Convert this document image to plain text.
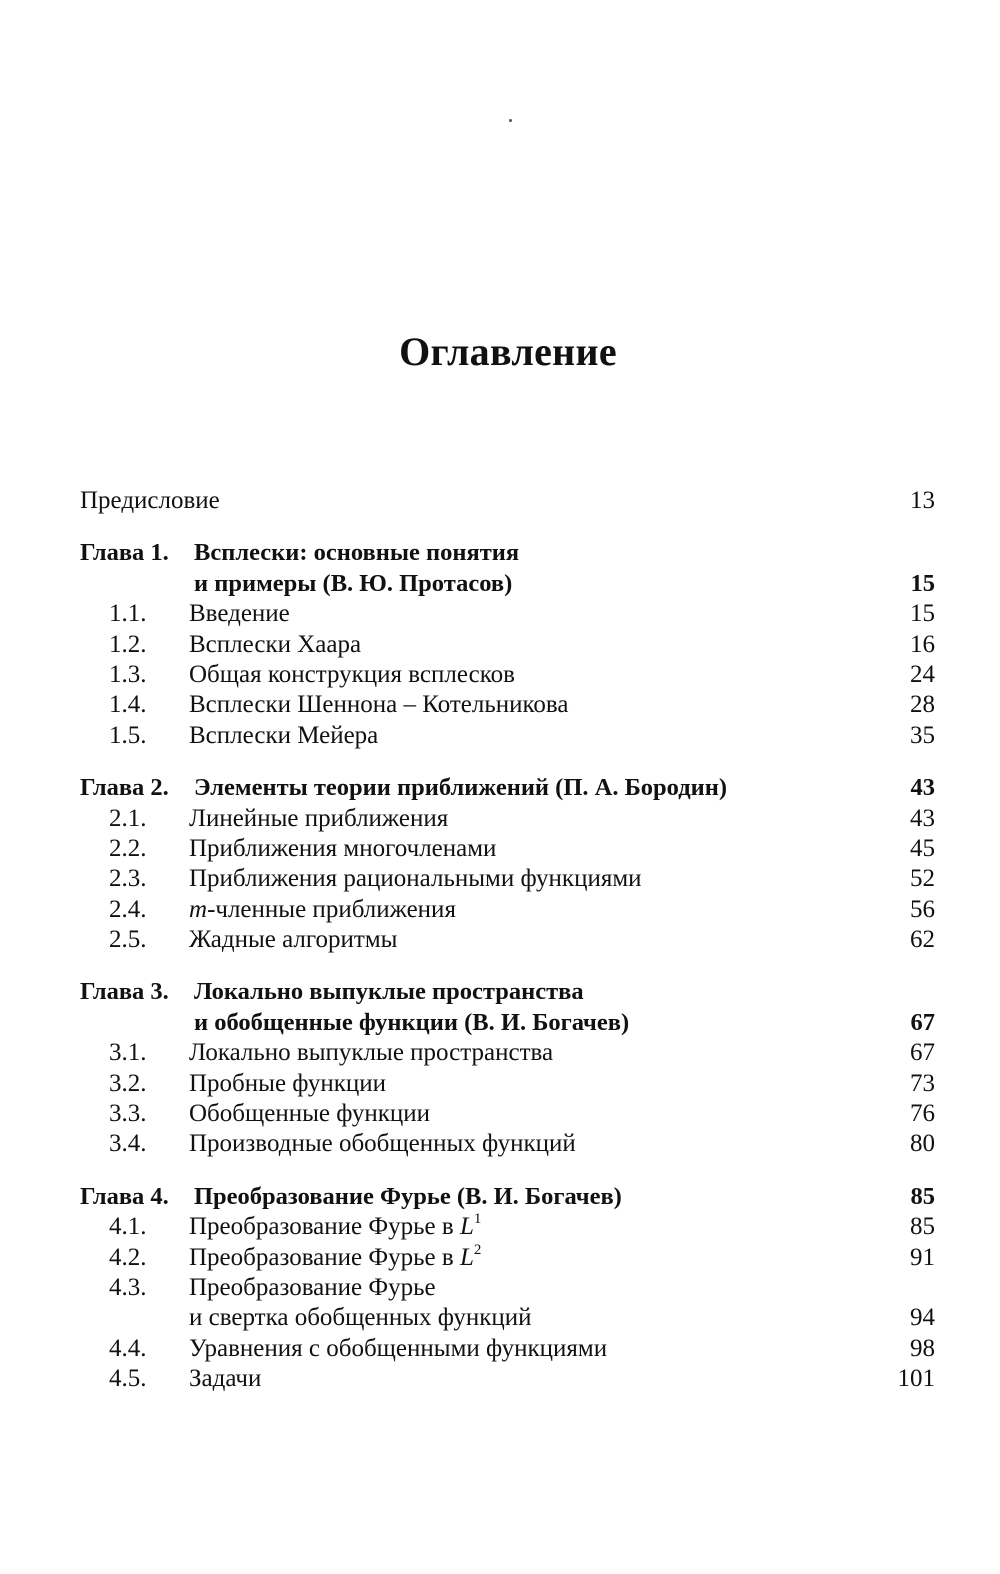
Оглавление
Предисловие	13
Глава 1. Всплески: основные понятия
и примеры (В. Ю. Протасов)	15
1.1. Введение	15
1.2. Всплески Хаара	16
1.3. Общая конструкция всплесков	24
1.4. Всплески Шеннона – Котельникова	28
1.5. Всплески Мейера	35
Глава 2. Элементы теории приближений (П. А. Бородин)	43
2.1. Линейные приближения	43
2.2. Приближения многочленами	45
2.3. Приближения рациональными функциями	52
2.4. m-членные приближения	56
2.5. Жадные алгоритмы	62
Глава 3. Локально выпуклые пространства
и обобщенные функции (В. И. Богачев)	67
3.1. Локально выпуклые пространства	67
3.2. Пробные функции	73
3.3. Обобщенные функции	76
3.4. Производные обобщенных функций	80
Глава 4. Преобразование Фурье (В. И. Богачев)	85
4.1. Преобразование Фурье в $L^1$	85
4.2. Преобразование Фурье в $L^2$	91
4.3. Преобразование Фурье
и свертка обобщенных функций	94
4.4. Уравнения с обобщенными функциями	98
4.5. Задачи	101
